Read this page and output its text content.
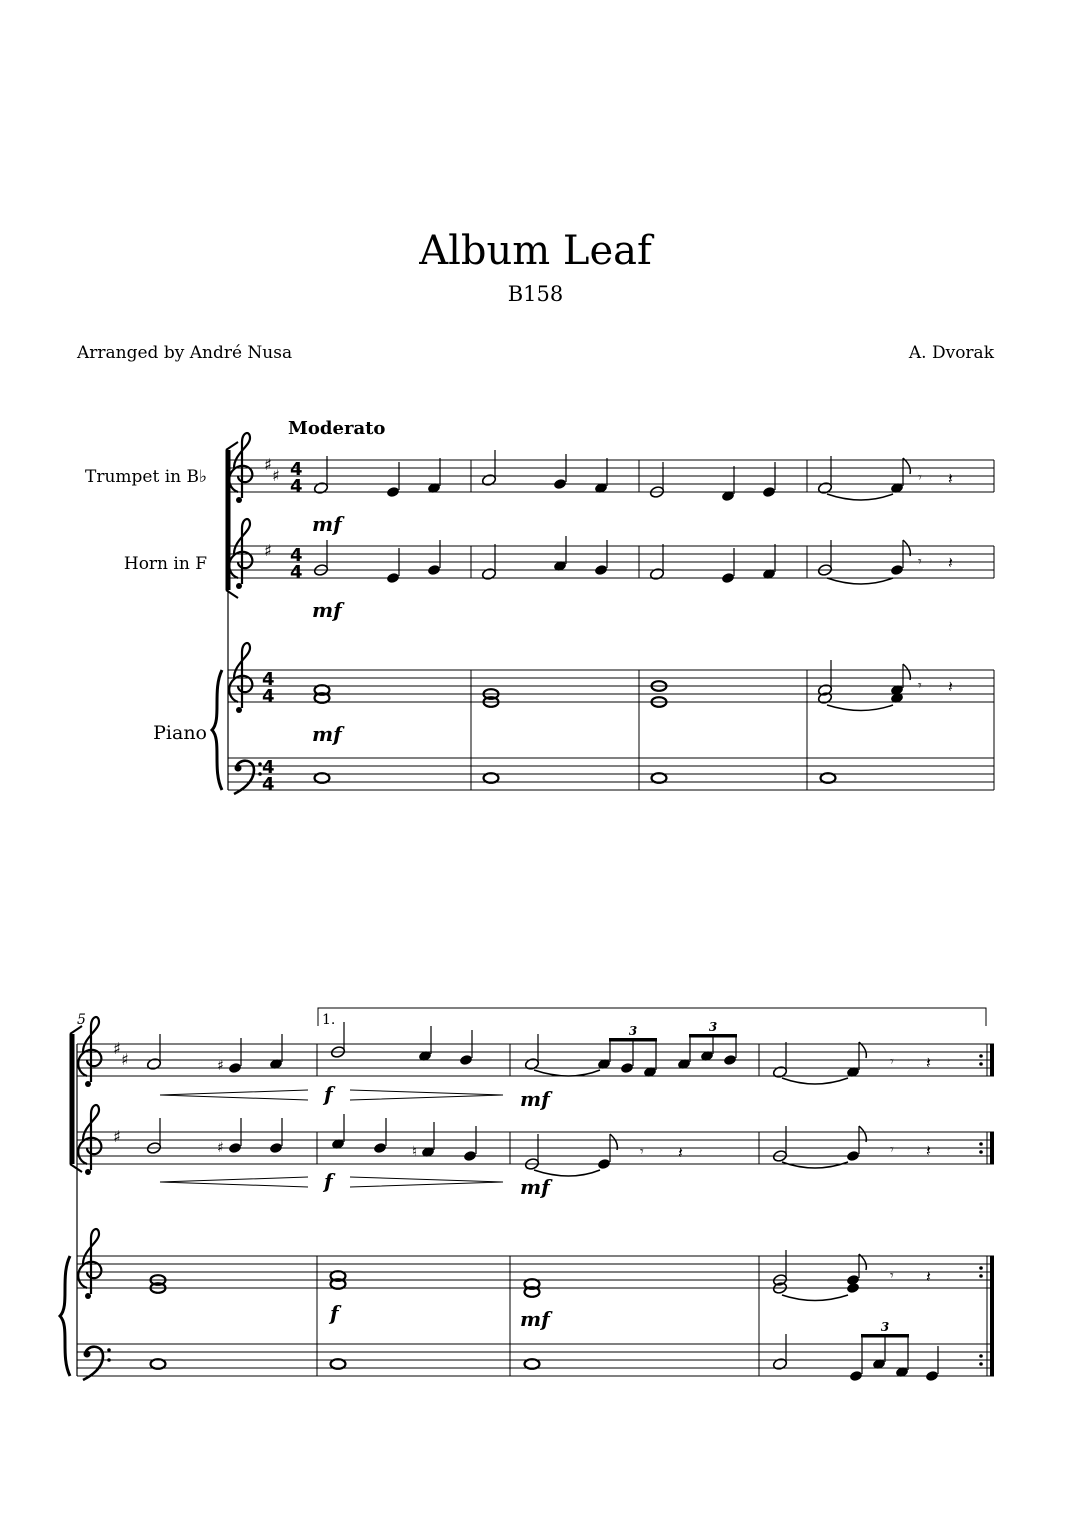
Album Leaf
B158
Arranged by André Nusa	A. Dvorak
Moderato
Trumpet in B♭
Horn in F
Piano
♯
♯ 4
4	𝄾 𝄽
mf
♯ 4
4	𝄾 𝄽
mf
4
4	𝄾 𝄽
mf
4
4
5	1.
♯
♯	♯
3	3
𝄾 𝄽
f	mf
♯
♯	♮	𝄾 𝄽	𝄾 𝄽
f	mf
𝄾 𝄽
f	mf	3
